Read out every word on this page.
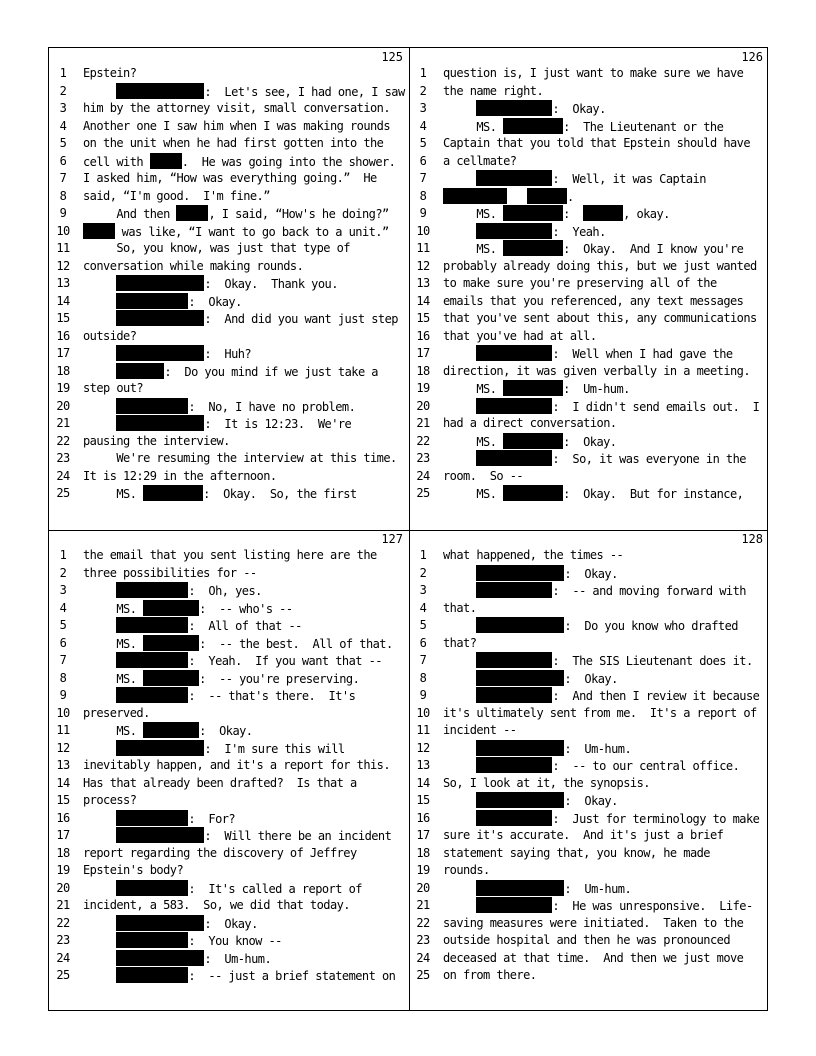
125
1	Epstein?
2	:  Let's see, I had one, I saw
3	him by the attorney visit, small conversation.
4	Another one I saw him when I was making rounds
5	on the unit when he had first gotten into the
6	cell with	.  He was going into the shower.
7	I asked him, “How was everything going.”  He
8	said, “I'm good.  I'm fine.”
9	And then	, I said, “How's he doing?”
10	was like, “I want to go back to a unit.”
11 So, you know, was just that type of
12 conversation while making rounds.
13	:  Okay.  Thank you.
14	:  Okay.
15	:  And did you want just step
16 outside?
17	:  Huh?
18	:  Do you mind if we just take a
19 step out?
20	:  No, I have no problem.
21	:  It is 12:23.  We're
22 pausing the interview.
23 We're resuming the interview at this time.
24 It is 12:29 in the afternoon.
25 MS.	:  Okay.  So, the first
126
1	question is, I just want to make sure we have
2	the name right.
3	:  Okay.
4	MS.	:  The Lieutenant or the
5	Captain that you told that Epstein should have
6	a cellmate?
7	:  Well, it was Captain
8	.
9	MS.	:	, okay.
10	:  Yeah.
11 MS.	:  Okay.  And I know you're
12 probably already doing this, but we just wanted
13 to make sure you're preserving all of the
14 emails that you referenced, any text messages
15 that you've sent about this, any communications
16 that you've had at all.
17	:  Well when I had gave the
18 direction, it was given verbally in a meeting.
19 MS.	:  Um-hum.
20	:  I didn't send emails out.  I
21 had a direct conversation.
22 MS.	:  Okay.
23	:  So, it was everyone in the
24 room.  So --
25 MS.	:  Okay.  But for instance,
127
1	the email that you sent listing here are the
2	three possibilities for --
3	:  Oh, yes.
4	MS.	:  -- who's --
5	:  All of that --
6	MS.	:  -- the best.  All of that.
7	:  Yeah.  If you want that --
8	MS.	:  -- you're preserving.
9	:  -- that's there.  It's
10 preserved.
11 MS.	:  Okay.
12	:  I'm sure this will
13 inevitably happen, and it's a report for this.
14 Has that already been drafted?  Is that a
15 process?
16	:  For?
17	:  Will there be an incident
18 report regarding the discovery of Jeffrey
19 Epstein's body?
20	:  It's called a report of
21 incident, a 583.  So, we did that today.
22	:  Okay.
23	:  You know --
24	:  Um-hum.
25	:  -- just a brief statement on
128
1	what happened, the times --
2	:  Okay.
3	:  -- and moving forward with
4	that.
5	:  Do you know who drafted
6	that?
7	:  The SIS Lieutenant does it.
8	:  Okay.
9	:  And then I review it because
10 it's ultimately sent from me.  It's a report of
11 incident --
12	:  Um-hum.
13	:  -- to our central office.
14 So, I look at it, the synopsis.
15	:  Okay.
16	:  Just for terminology to make
17 sure it's accurate.  And it's just a brief
18 statement saying that, you know, he made
19 rounds.
20	:  Um-hum.
21	:  He was unresponsive.  Life-
22 saving measures were initiated.  Taken to the
23 outside hospital and then he was pronounced
24 deceased at that time.  And then we just move
25 on from there.
